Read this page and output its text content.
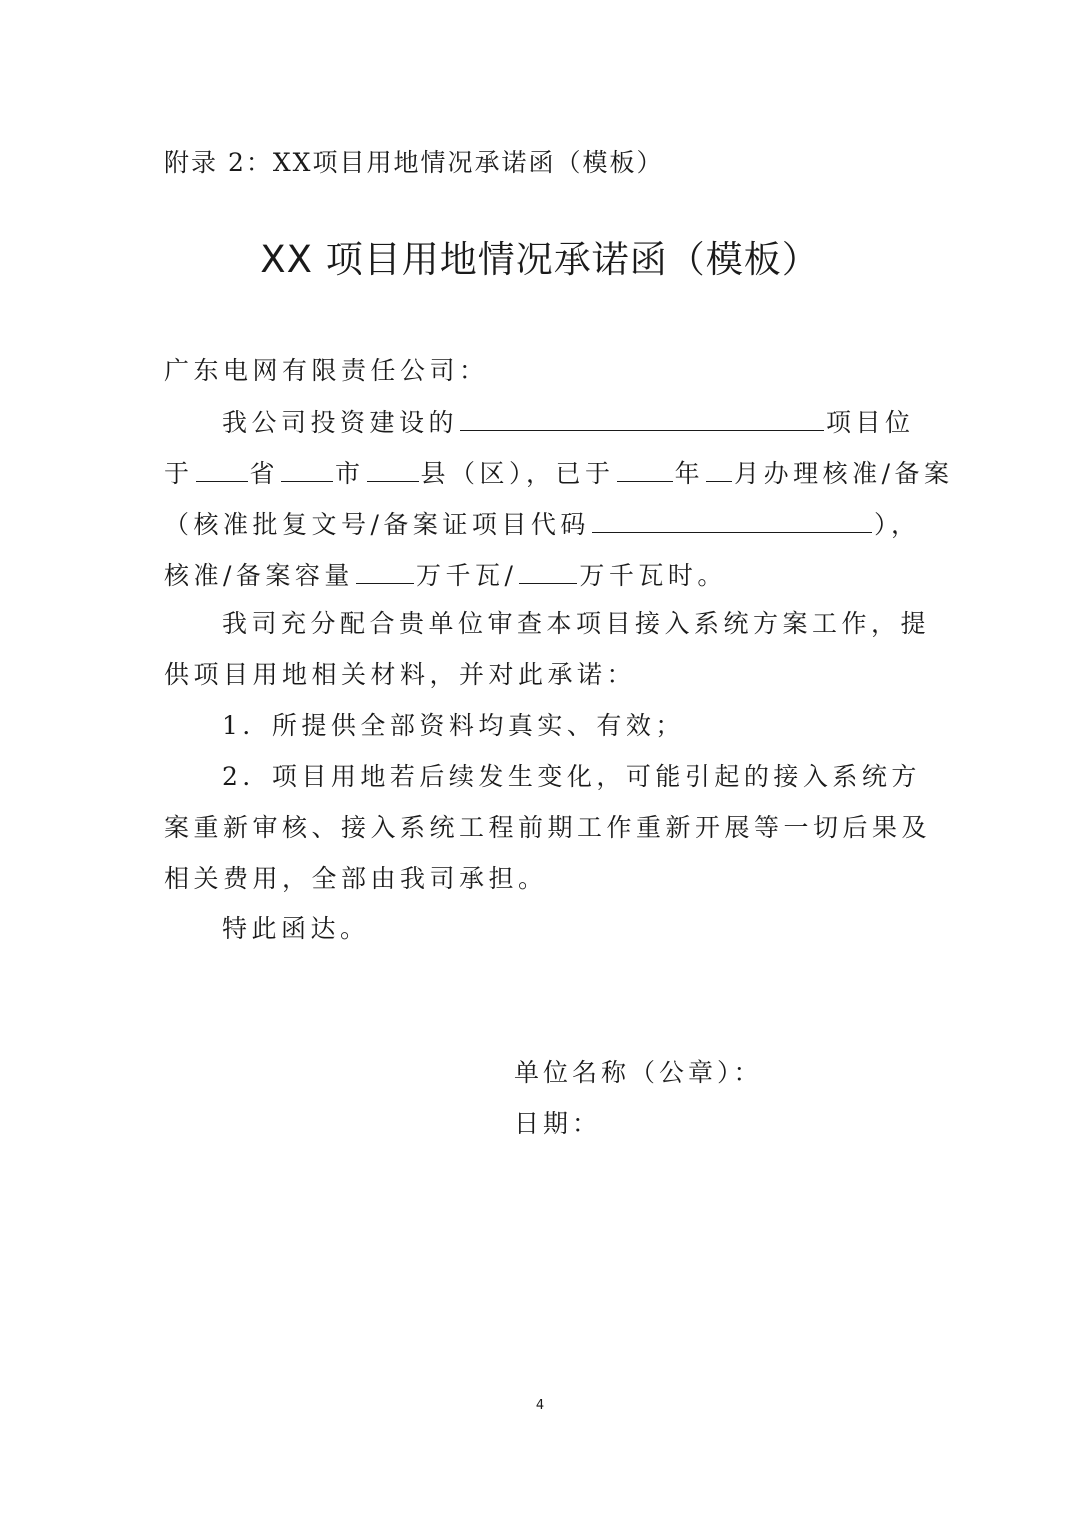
附录 2：XX项目用地情况承诺函（模板）
XX 项目用地情况承诺函（模板）
广东电网有限责任公司：
我公司投资建设的	项目位
于 省 市 县（区），已于 年 月办理核准/备案
（核准批复文号/备案证项目代码	），
核准/备案容量 万千瓦/ 万千瓦时。
我司充分配合贵单位审查本项目接入系统方案工作，提
供项目用地相关材料，并对此承诺：
1．所提供全部资料均真实、有效；
2．项目用地若后续发生变化，可能引起的接入系统方
案重新审核、接入系统工程前期工作重新开展等一切后果及
相关费用，全部由我司承担。
特此函达。
单位名称（公章）：
日期：
4
